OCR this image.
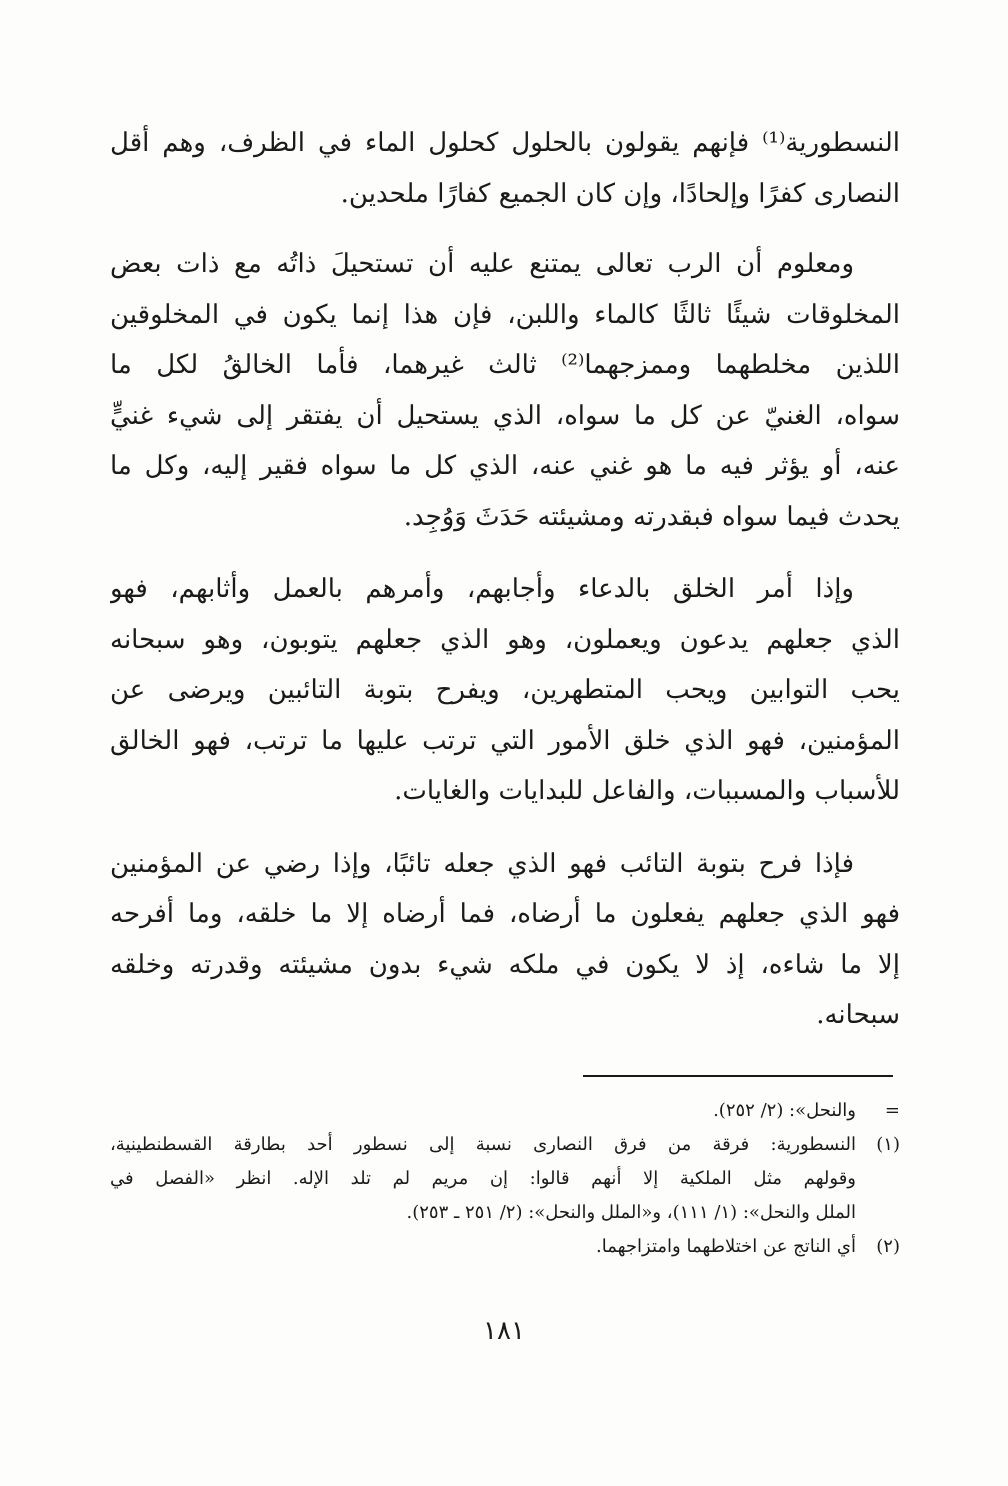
النسطورية⁽¹⁾ فإنهم يقولون بالحلول كحلول الماء في الظرف، وهم أقل
النصارى كفرًا وإلحادًا، وإن كان الجميع كفارًا ملحدين.
ومعلوم أن الرب تعالى يمتنع عليه أن تستحيلَ ذاتُه مع ذات بعض
المخلوقات شيئًا ثالثًا كالماء واللبن، فإن هذا إنما يكون في المخلوقين
اللذين مخلطهما وممزجهما⁽²⁾ ثالث غيرهما، فأما الخالقُ لكل ما
سواه، الغنيّ عن كل ما سواه، الذي يستحيل أن يفتقر إلى شيء غنيٍّ
عنه، أو يؤثر فيه ما هو غني عنه، الذي كل ما سواه فقير إليه، وكل ما
يحدث فيما سواه فبقدرته ومشيئته حَدَثَ وَوُجِد.
وإذا أمر الخلق بالدعاء وأجابهم، وأمرهم بالعمل وأثابهم، فهو
الذي جعلهم يدعون ويعملون، وهو الذي جعلهم يتوبون، وهو سبحانه
يحب التوابين ويحب المتطهرين، ويفرح بتوبة التائبين ويرضى عن
المؤمنين، فهو الذي خلق الأمور التي ترتب عليها ما ترتب، فهو الخالق
للأسباب والمسببات، والفاعل للبدايات والغايات.
فإذا فرح بتوبة التائب فهو الذي جعله تائبًا، وإذا رضي عن المؤمنين
فهو الذي جعلهم يفعلون ما أرضاه، فما أرضاه إلا ما خلقه، وما أفرحه
إلا ما شاءه، إذ لا يكون في ملكه شيء بدون مشيئته وقدرته وخلقه
سبحانه.
=
والنحل»: (٢/ ٢٥٢).
(١)
النسطورية: فرقة من فرق النصارى نسبة إلى نسطور أحد بطارقة القسطنطينية،
وقولهم مثل الملكية إلا أنهم قالوا: إن مريم لم تلد الإله. انظر «الفصل في
الملل والنحل»: (١/ ١١١)، و«الملل والنحل»: (٢/ ٢٥١ ـ ٢٥٣).
(٢)
أي الناتج عن اختلاطهما وامتزاجهما.
١٨١
